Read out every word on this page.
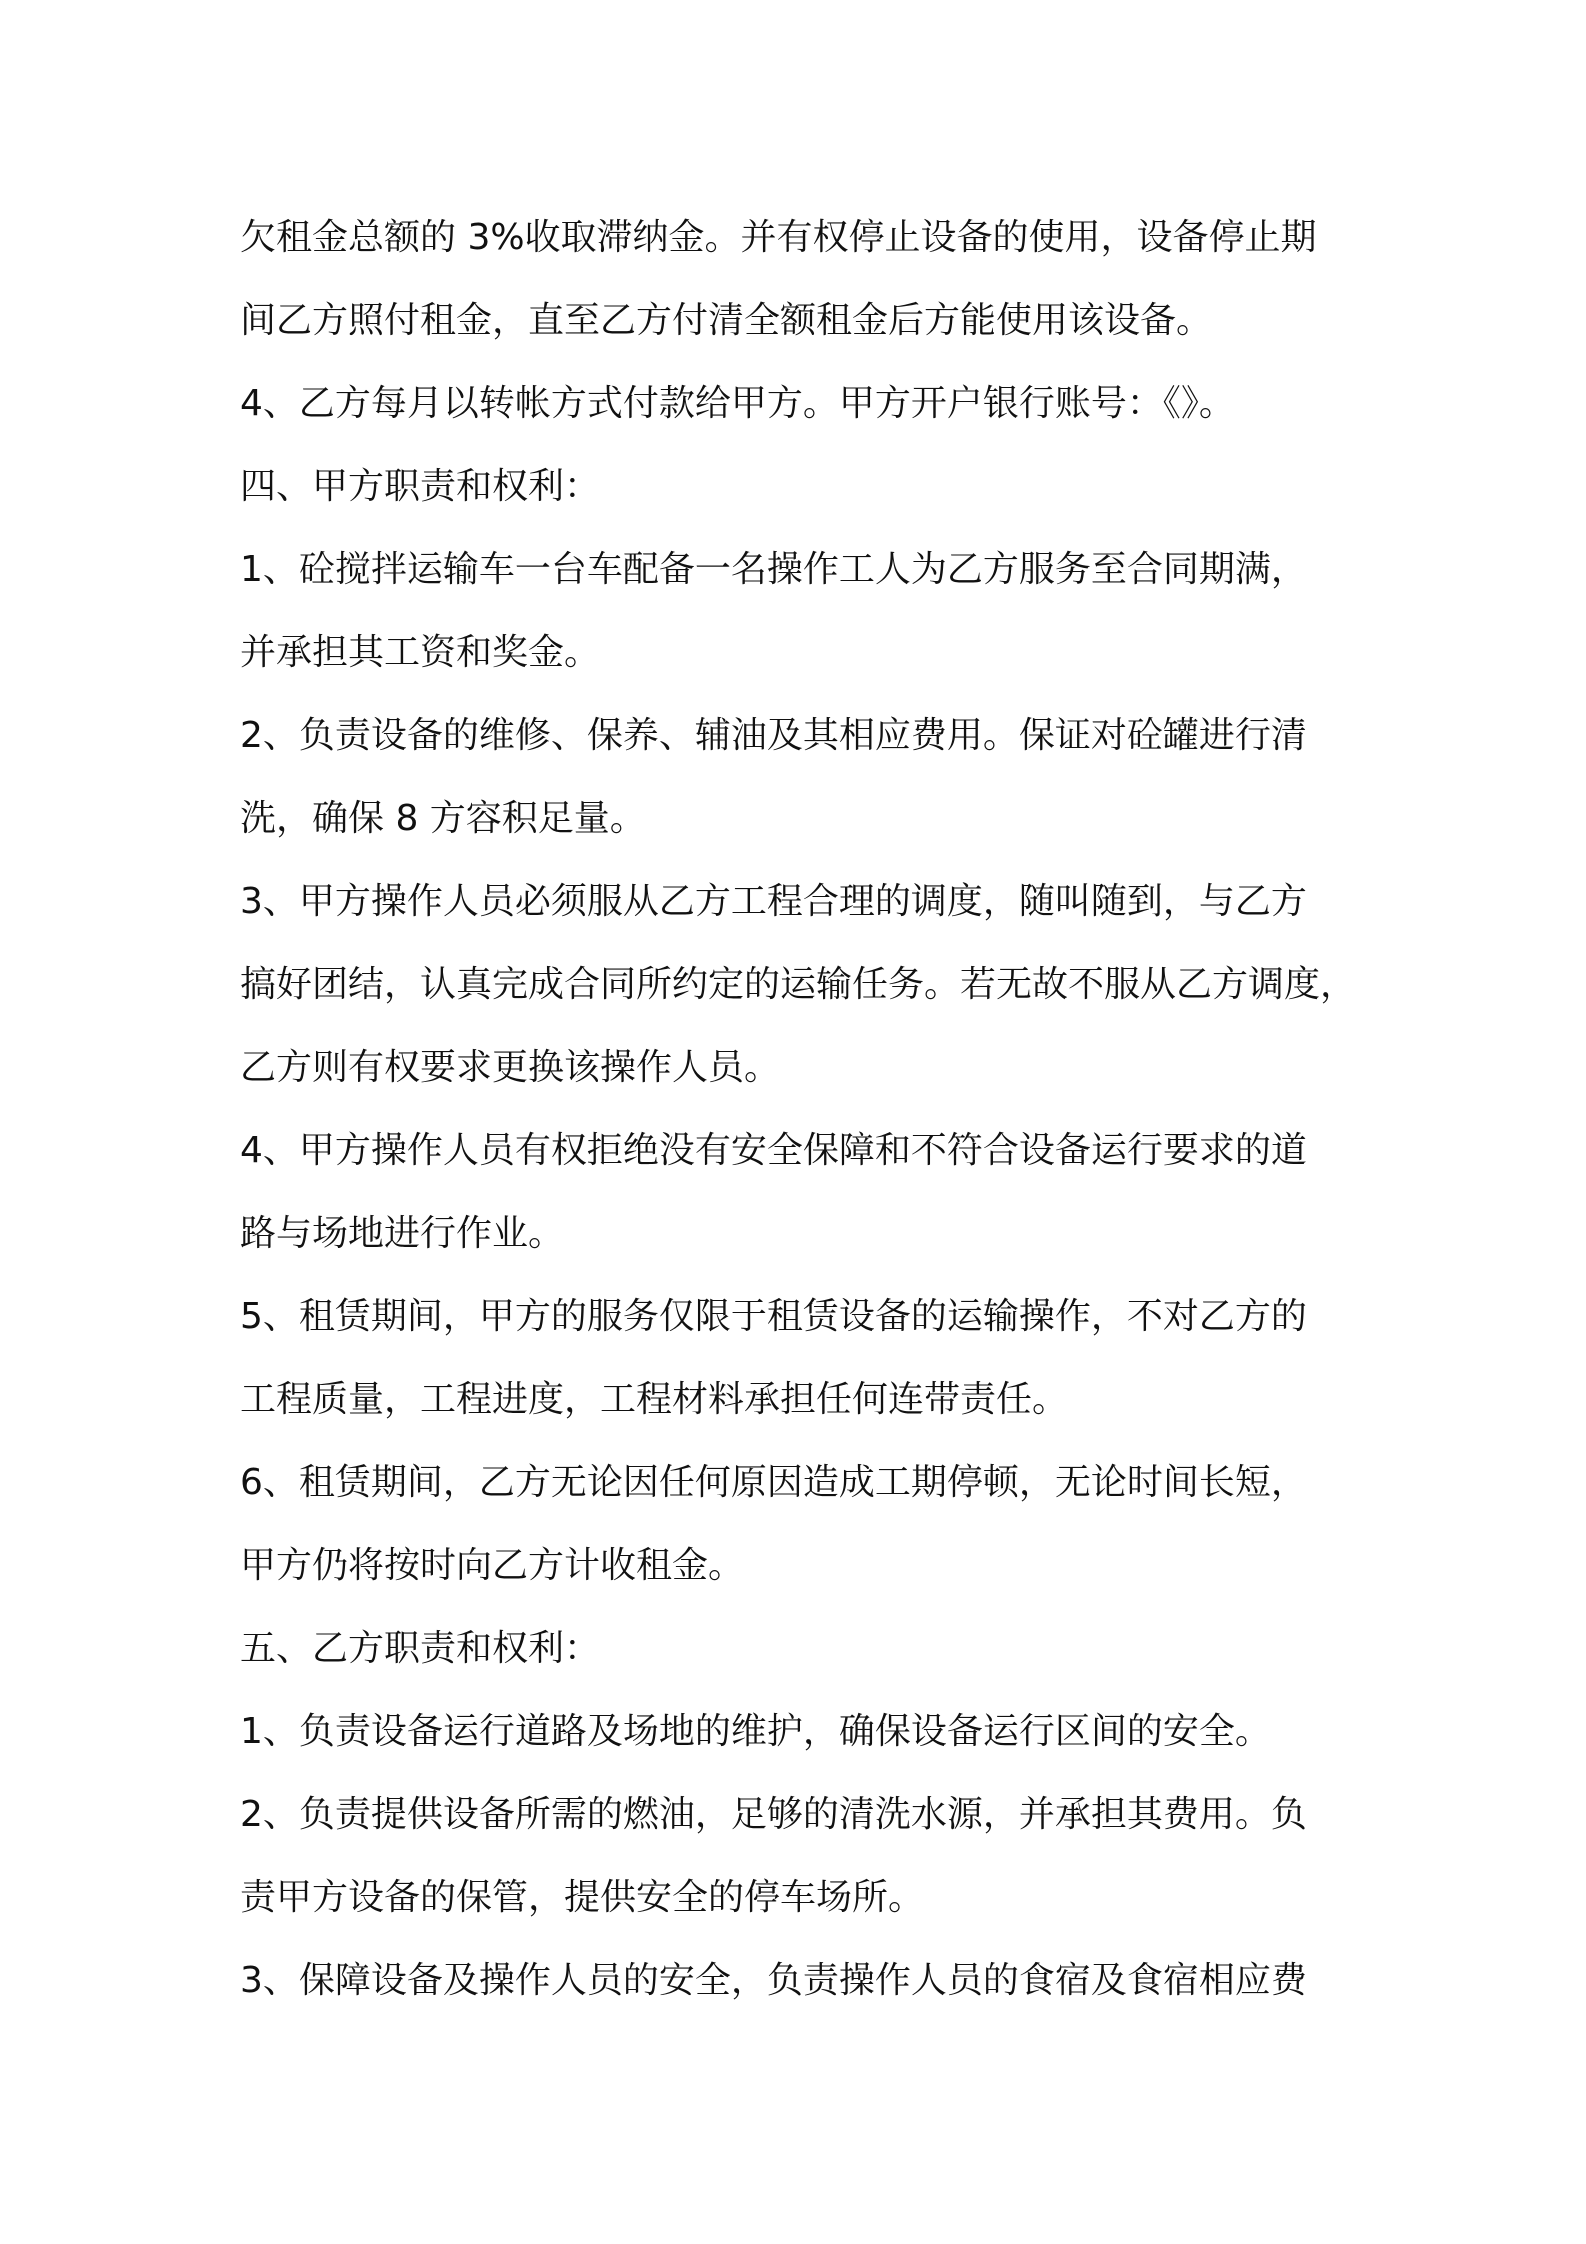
欠租金总额的 3%收取滞纳金。并有权停止设备的使用，设备停止期
间乙方照付租金，直至乙方付清全额租金后方能使用该设备。
4、乙方每月以转帐方式付款给甲方。甲方开户银行账号：《》。
四、甲方职责和权利：
1、砼搅拌运输车一台车配备一名操作工人为乙方服务至合同期满，
并承担其工资和奖金。
2、负责设备的维修、保养、辅油及其相应费用。保证对砼罐进行清
洗，确保 8 方容积足量。
3、甲方操作人员必须服从乙方工程合理的调度，随叫随到，与乙方
搞好团结，认真完成合同所约定的运输任务。若无故不服从乙方调度，
乙方则有权要求更换该操作人员。
4、甲方操作人员有权拒绝没有安全保障和不符合设备运行要求的道
路与场地进行作业。
5、租赁期间，甲方的服务仅限于租赁设备的运输操作，不对乙方的
工程质量，工程进度，工程材料承担任何连带责任。
6、租赁期间，乙方无论因任何原因造成工期停顿，无论时间长短，
甲方仍将按时向乙方计收租金。
五、乙方职责和权利：
1、负责设备运行道路及场地的维护，确保设备运行区间的安全。
2、负责提供设备所需的燃油，足够的清洗水源，并承担其费用。负
责甲方设备的保管，提供安全的停车场所。
3、保障设备及操作人员的安全，负责操作人员的食宿及食宿相应费
